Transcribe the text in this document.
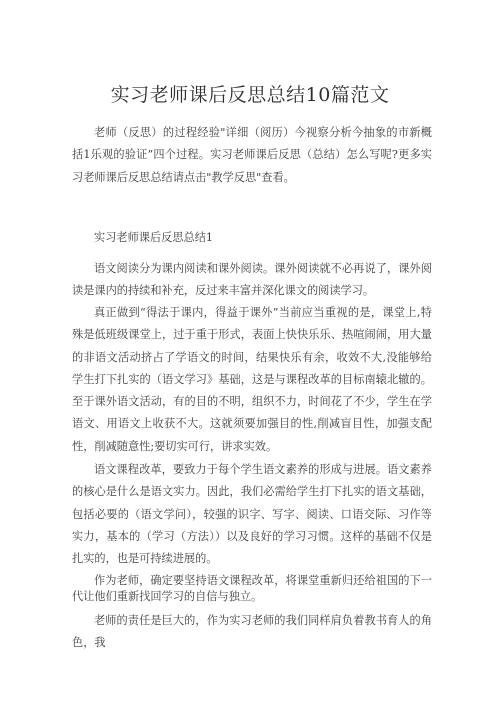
实习老师课后反思总结10篇范文

老师（反思）的过程经验"详细（阅历）今视察分析今抽象的市新概括1乐观的验证”四个过程。实习老师课后反思（总结）怎么写呢?更多实习老师课后反思总结请点击"教学反思"查看。

实习老师课后反思总结1

语文阅读分为课内阅读和课外阅读。课外阅读就不必再说了，课外阅读是课内的持续和补充，反过来丰富并深化课文的阅读学习。

真正做到“得法于课内，得益于课外”当前应当重视的是，课堂上,特殊是低班级课堂上，过于重于形式，表面上快快乐乐、热喧闹闹，用大量的非语文活动挤占了学语文的时间，结果快乐有余，收效不大,没能够给学生打下扎实的（语文学习》基础，这是与课程改革的目标南辕北辙的。至于课外语文活动，有的目的不明，组织不力，时间花了不少，学生在学语文、用语文上收获不大。这就须要加强目的性,削减盲目性，加强支配性，削减随意性;要切实可行，讲求实效。

语文课程改革，要致力于每个学生语文素养的形成与进展。语文素养的核心是什么是语文实力。因此，我们必需给学生打下扎实的语文基础，包括必要的（语文学问），较强的识字、写字、阅读、口语交际、习作等实力，基本的（学习（方法））以及良好的学习习惯。这样的基础不仅是扎实的，也是可持续进展的。

作为老师，确定要坚持语文课程改革，将课堂重新归还给祖国的下一代让他们重新找回学习的自信与独立。

老师的责任是巨大的，作为实习老师的我们同样肩负着教书育人的角色，我
